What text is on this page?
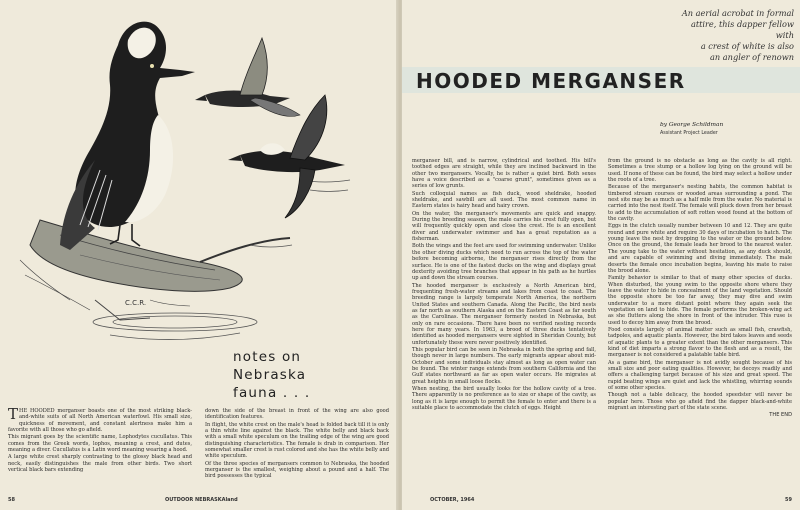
C.C.R.
notes on
Nebraska
fauna . . .

THE HOODED merganser boasts one of the most striking black-and-white suits of all North American waterfowl. His small size, quickness of movement, and constant alertness make him a favorite with all those who go afield.

This migrant goes by the scientific name, Lophodytes cucullatus. This comes from the Greek words, lophos, meaning a crest, and dutes, meaning a diver. Cucullatus is a Latin word meaning wearing a hood.

A large white crest sharply contrasting to the glossy black head and neck, easily distinguishes the male from other birds. Two short vertical black bars extending

down the side of the breast in front of the wing are also good identification features.

In flight, the white crest on the male's head is folded back till it is only a thin white line against the black. The white belly and black back with a small white speculum on the trailing edge of the wing are good distinguishing characteristics. The female is drab in comparison. Her somewhat smaller crest is rust colored and she has the white belly and white speculum.

Of the three species of mergansers common to Nebraska, the hooded merganser is the smallest, weighing about a pound and a half. The bird possesses the typical

58	OUTDOOR NEBRASKAland
An aerial acrobat in formal
attire, this dapper fellow with
a crest of white is also
an angler of renown
HOODED MERGANSER
by George Schildman
Assistant Project Leader

merganser bill, and is narrow, cylindrical and toothed. His bill's toothed edges are straight, while they are inclined backward in the other two mergansers. Vocally, he is rather a quiet bird. Both sexes have a voice described as a "coarse grunt", sometimes given as a series of low grunts.

Such colloquial names as fish duck, wood sheldrake, hooded sheldrake, and sawbill are all used. The most common name in Eastern states is hairy head and hairy crown.

On the water, the merganser's movements are quick and snappy. During the breeding season, the male carries his crest fully open, but will frequently quickly open and close the crest. He is an excellent diver and underwater swimmer and has a great reputation as a fisherman.

Both the wings and the feet are used for swimming underwater. Unlike the other diving ducks which need to run across the top of the water before becoming airborne, the merganser rises directly from the surface. He is one of the fastest ducks on the wing and displays great dexterity avoiding tree branches that appear in his path as he hurtles up and down the stream courses.

The hooded merganser is exclusively a North American bird, frequenting fresh-water streams and lakes from coast to coast. The breeding range is largely temperate North America, the northern United States and southern Canada. Along the Pacific, the bird nests as far north as southern Alaska and on the Eastern Coast as far south as the Carolinas. The merganser formerly nested in Nebraska, but only on rare occasions. There have been no verified nesting records here for many years. In 1963, a brood of three ducks tentatively identified as hooded mergansers were sighted in Sheridan County, but unfortunately these were never positively identified.

This popular bird can be seen in Nebraska in both the spring and fall, though never in large numbers. The early migrants appear about mid-October and some individuals stay almost as long as open water can be found. The winter range extends from southern California and the Gulf states northward as far as open water occurs. He migrates at great heights in small loose flocks.

When nesting, the bird usually looks for the hollow cavity of a tree. There apparently is no preference as to size or shape of the cavity, as long as it is large enough to permit the female to enter and there is a suitable place to accommodate the clutch of eggs. Height

from the ground is no obstacle as long as the cavity is all right. Sometimes a tree stump or a hollow log lying on the ground will be used. If none of these can be found, the bird may select a hollow under the roots of a tree.

Because of the merganser's nesting habits, the common habitat is timbered stream courses or wooded areas surrounding a pond. The nest site may be as much as a half mile from the water. No material is carried into the nest itself. The female will pluck down from her breast to add to the accumulation of soft rotten wood found at the bottom of the cavity.

Eggs in the clutch usually number between 10 and 12. They are quite round and pure white and require 30 days of incubation to hatch. The young leave the nest by dropping to the water or the ground below. Once on the ground, the female leads her brood to the nearest water. The young take to the water without hesitation, as any duck should, and are capable of swimming and diving immediately. The male deserts the female once incubation begins, leaving his mate to raise the brood alone.

Family behavior is similar to that of many other species of ducks. When disturbed, the young swim to the opposite shore where they leave the water to hide in concealment of the land vegetation. Should the opposite shore be too far away, they may dive and swim underwater to a more distant point where they again seek the vegetation on land to hide. The female performs the broken-wing act as she flutters along the shore in front of the intruder. This ruse is used to decoy him away from the brood.

Food consists largely of animal matter such as small fish, crawfish, tadpoles, and aquatic plants. However, the bird takes leaves and seeds of aquatic plants to a greater extent than the other mergansers. This kind of diet imparts a strong flavor to the flesh and as a result, the merganser is not considered a palatable table bird.

As a game bird, the merganser is not avidly sought because of his small size and poor eating qualities. However, he decoys readily and offers a challenging target because of his size and great speed. The rapid beating wings are quiet and lack the whistling, whirring sounds of some other species.

Though not a table delicacy, the hooded speedster will never be popular here. Those who go afield find the dapper black-and-white migrant an interesting part of the state scene.

THE END
OCTOBER, 1964	59
